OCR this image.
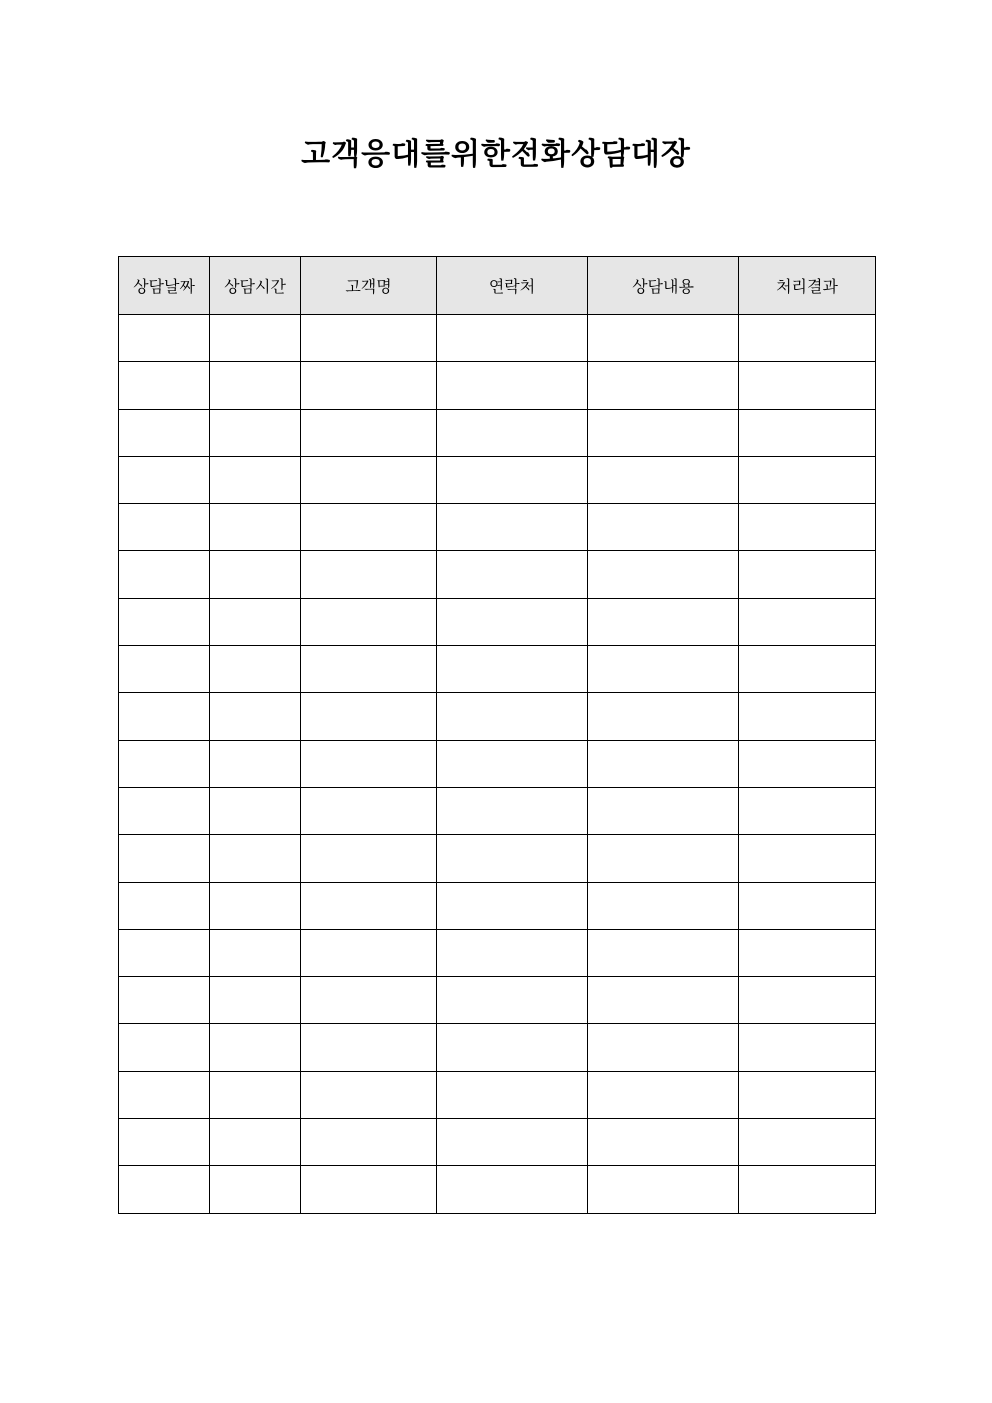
고객응대를위한전화상담대장
상담날짜	상담시간	고객명	연락처	상담내용	처리결과
